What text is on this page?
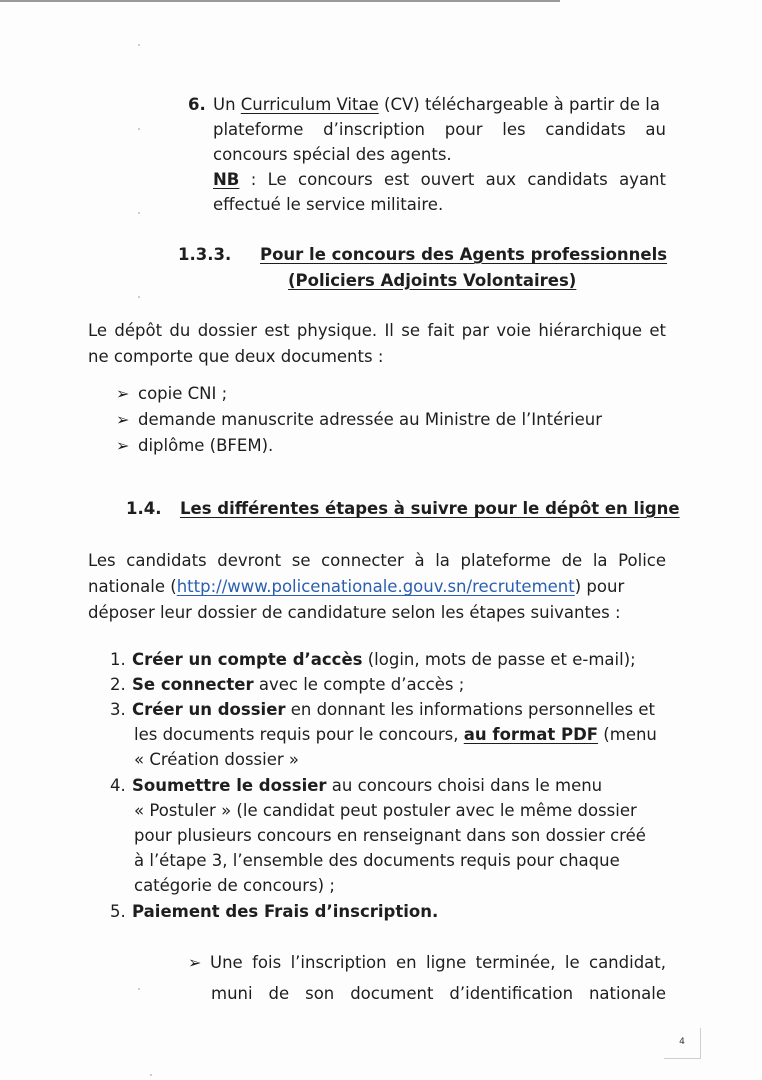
6. Un Curriculum Vitae (CV) téléchargeable à partir de la
plateforme d’inscription pour les candidats au
concours spécial des agents.
NB : Le concours est ouvert aux candidats ayant
effectué le service militaire.
1.3.3. Pour le concours des Agents professionnels
(Policiers Adjoints Volontaires)
Le dépôt du dossier est physique. Il se fait par voie hiérarchique et
ne comporte que deux documents :
➢ copie CNI ;
➢ demande manuscrite adressée au Ministre de l’Intérieur
➢ diplôme (BFEM).
1.4. Les différentes étapes à suivre pour le dépôt en ligne
Les candidats devront se connecter à la plateforme de la Police
nationale (http://www.policenationale.gouv.sn/recrutement) pour
déposer leur dossier de candidature selon les étapes suivantes :
1. Créer un compte d’accès (login, mots de passe et e-mail);
2. Se connecter avec le compte d’accès ;
3. Créer un dossier en donnant les informations personnelles et
les documents requis pour le concours, au format PDF (menu
« Création dossier »
4. Soumettre le dossier au concours choisi dans le menu
« Postuler » (le candidat peut postuler avec le même dossier
pour plusieurs concours en renseignant dans son dossier créé
à l’étape 3, l’ensemble des documents requis pour chaque
catégorie de concours) ;
5. Paiement des Frais d’inscription.
➢ Une fois l’inscription en ligne terminée, le candidat,
muni de son document d’identification nationale
4
